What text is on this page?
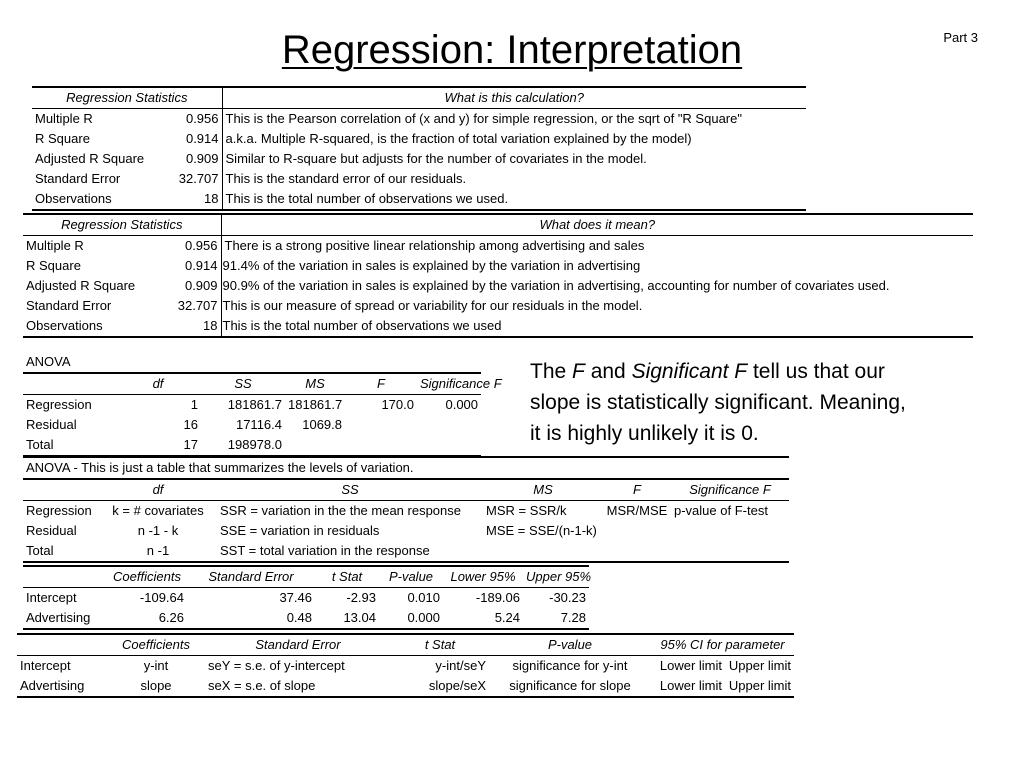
Regression: Interpretation	Part 3
Regression Statistics		What is this calculation?
Multiple R	0.956	This is the Pearson correlation of (x and y) for simple regression, or the sqrt of "R Square"
R Square	0.914	a.k.a. Multiple R-squared, is the fraction of total variation explained by the model)
Adjusted R Square	0.909	Similar to R-square but adjusts for the number of covariates in the model.
Standard Error	32.707	This is the standard error of our residuals.
Observations	18	This is the total number of observations we used.
Regression Statistics		What does it mean?
Multiple R	0.956	There is a strong positive linear relationship among advertising and sales
R Square	0.914	91.4% of the variation in sales is explained by the variation in advertising
Adjusted R Square	0.909	90.9% of the variation in sales is explained by the variation in advertising, accounting for number of covariates used.
Standard Error	32.707	This is our measure of spread or variability for our residuals in the model.
Observations	18	This is the total number of observations we used
ANOVA					
	df	SS	MS	F	Significance F
Regression	1	181861.7	181861.7	170.0	0.000
Residual	16	17116.4	1069.8		
Total	17	198978.0			
The F and Significant F tell us that our slope is statistically significant. Meaning, it is highly unlikely it is 0.
ANOVA - This is just a table that summarizes the levels of variation.					
	df	SS	MS	F	Significance F
Regression	k = # covariates	SSR = variation in the the mean response	MSR = SSR/k	MSR/MSE	p-value of F-test
Residual	n -1 - k	SSE = variation in residuals	MSE = SSE/(n-1-k)		
Total	n -1	SST = total variation in the response			
	Coefficients	Standard Error	t Stat	P-value	Lower 95%	Upper 95%
Intercept	-109.64	37.46	-2.93	0.010	-189.06	-30.23
Advertising	6.26	0.48	13.04	0.000	5.24	7.28
	Coefficients	Standard Error	t Stat	P-value	95% CI for parameter	
Intercept	y-int	seY = s.e. of y-intercept	y-int/seY	significance for y-int	Lower limit	Upper limit
Advertising	slope	seX = s.e. of slope	slope/seX	significance for slope	Lower limit	Upper limit
